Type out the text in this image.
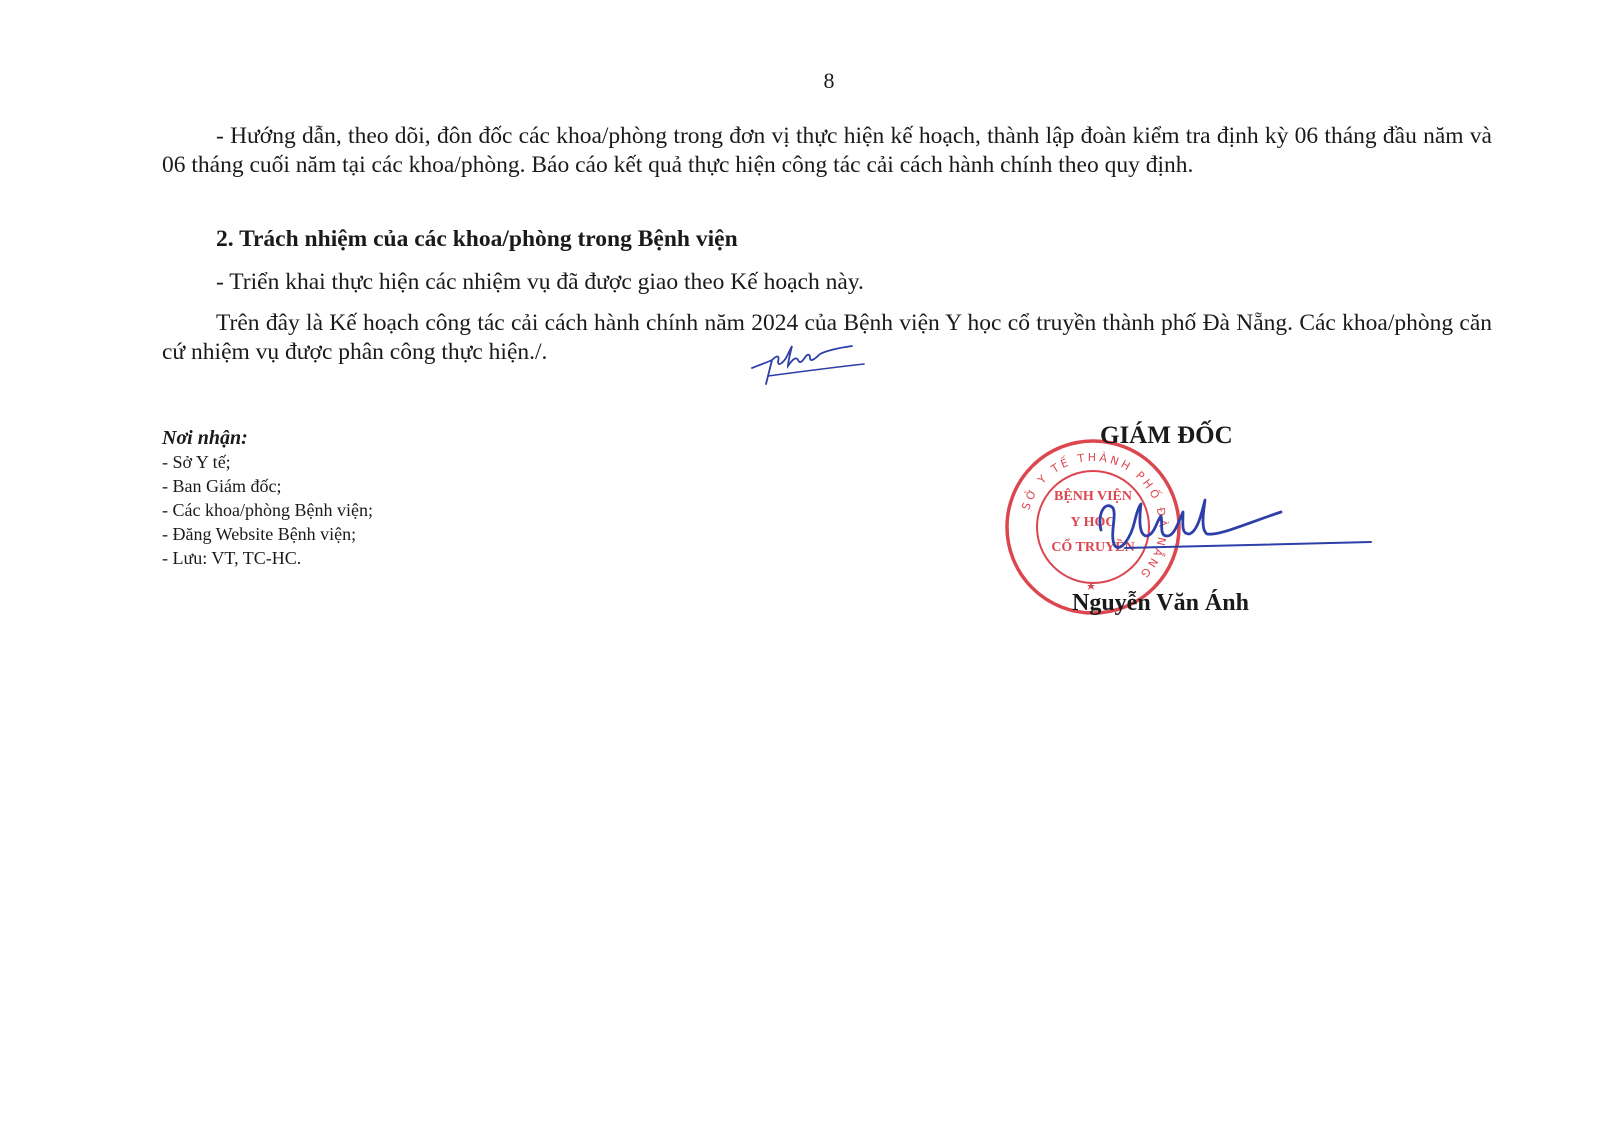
8

- Hướng dẫn, theo dõi, đôn đốc các khoa/phòng trong đơn vị thực hiện kế hoạch, thành lập đoàn kiểm tra định kỳ 06 tháng đầu năm và 06 tháng cuối năm tại các khoa/phòng. Báo cáo kết quả thực hiện công tác cải cách hành chính theo quy định.

2. Trách nhiệm của các khoa/phòng trong Bệnh viện

- Triển khai thực hiện các nhiệm vụ đã được giao theo Kế hoạch này.

Trên đây là Kế hoạch công tác cải cách hành chính năm 2024 của Bệnh viện Y học cổ truyền thành phố Đà Nẵng. Các khoa/phòng căn cứ nhiệm vụ được phân công thực hiện./.

Nơi nhận:
- Sở Y tế;
- Ban Giám đốc;
- Các khoa/phòng Bệnh viện;
- Đăng Website Bệnh viện;
- Lưu: VT, TC-HC.
SỞ Y TẾ THÀNH PHỐ ĐÀ NẴNG
BỆNH VIỆN
Y HỌC
CỔ TRUYỀN
GIÁM ĐỐC
Nguyễn Văn Ánh
